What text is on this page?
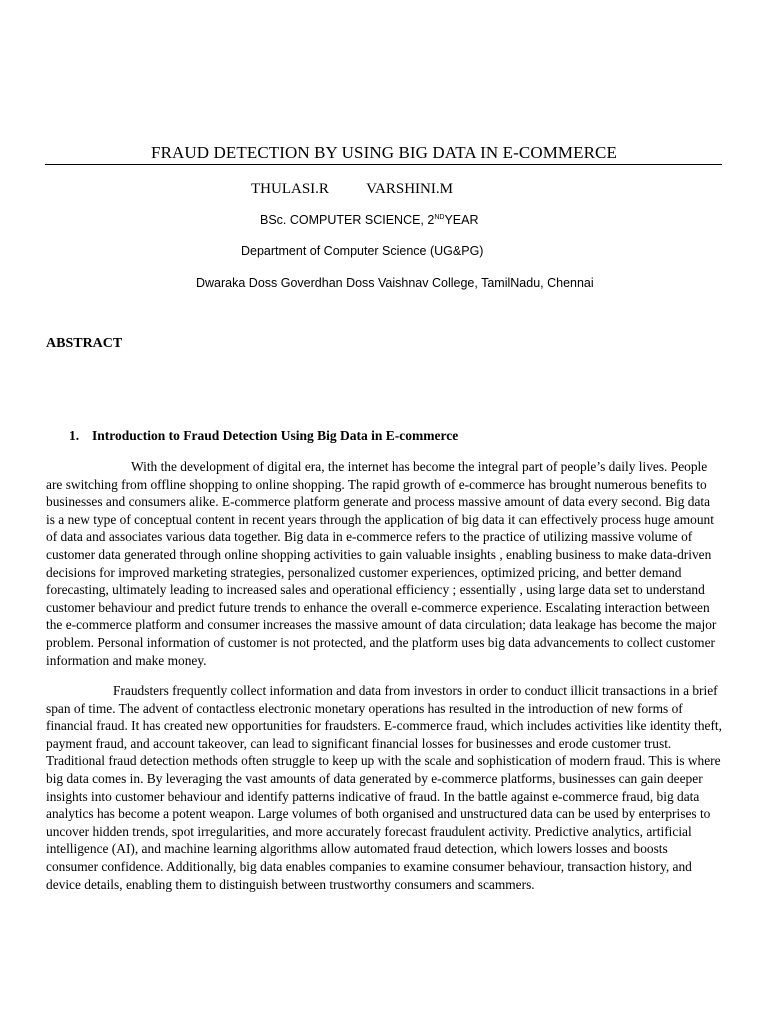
FRAUD DETECTION BY USING BIG DATA IN E-COMMERCE
THULASI.R          VARSHINI.M
BSc. COMPUTER SCIENCE, 2NDYEAR
Department of Computer Science (UG&PG)
Dwaraka Doss Goverdhan Doss Vaishnav College, TamilNadu, Chennai
ABSTRACT
1. Introduction to Fraud Detection Using Big Data in E-commerce

With the development of digital era, the internet has become the integral part of people’s daily lives. People are switching from offline shopping to online shopping. The rapid growth of e-commerce has brought numerous benefits to businesses and consumers alike. E-commerce platform generate and process massive amount of data every second. Big data is a new type of conceptual content in recent years through the application of big data it can effectively process huge amount of data and associates various data together. Big data in e-commerce refers to the practice of utilizing massive volume of customer data generated through online shopping activities to gain valuable insights , enabling business to make data-driven decisions for improved marketing strategies, personalized customer experiences, optimized pricing, and better demand forecasting, ultimately leading to increased sales and operational efficiency ; essentially , using large data set to understand customer behaviour and predict future trends to enhance the overall e-commerce experience. Escalating interaction between the e-commerce platform and consumer increases the massive amount of data circulation; data leakage has become the major problem. Personal information of customer is not protected, and the platform uses big data advancements to collect customer information and make money.

Fraudsters frequently collect information and data from investors in order to conduct illicit transactions in a brief span of time. The advent of contactless electronic monetary operations has resulted in the introduction of new forms of financial fraud. It has created new opportunities for fraudsters. E-commerce fraud, which includes activities like identity theft, payment fraud, and account takeover, can lead to significant financial losses for businesses and erode customer trust. Traditional fraud detection methods often struggle to keep up with the scale and sophistication of modern fraud. This is where big data comes in. By leveraging the vast amounts of data generated by e-commerce platforms, businesses can gain deeper insights into customer behaviour and identify patterns indicative of fraud. In the battle against e-commerce fraud, big data analytics has become a potent weapon. Large volumes of both organised and unstructured data can be used by enterprises to uncover hidden trends, spot irregularities, and more accurately forecast fraudulent activity. Predictive analytics, artificial intelligence (AI), and machine learning algorithms allow automated fraud detection, which lowers losses and boosts consumer confidence. Additionally, big data enables companies to examine consumer behaviour, transaction history, and device details, enabling them to distinguish between trustworthy consumers and scammers.
